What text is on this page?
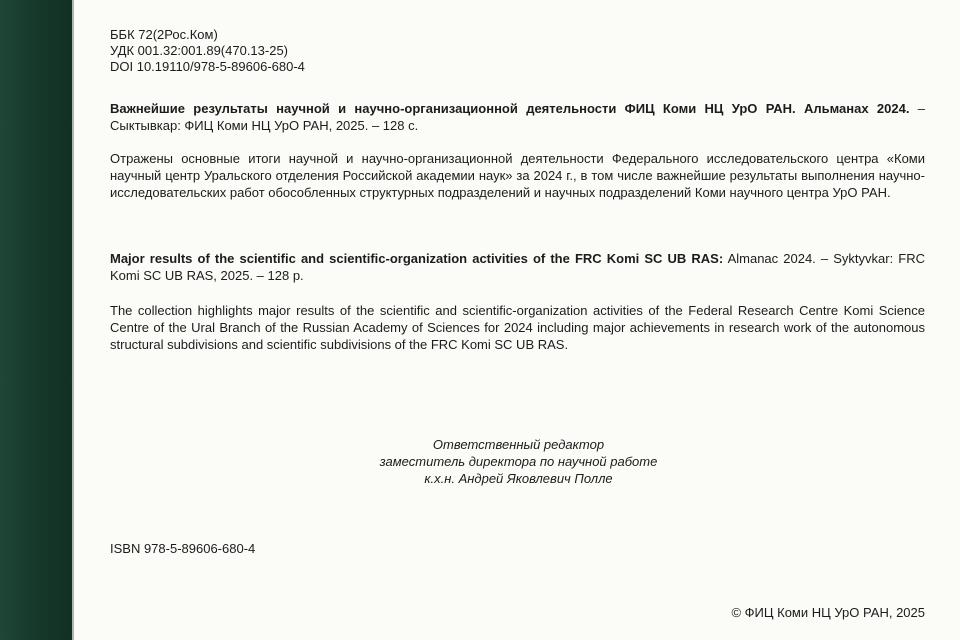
ББК 72(2Рос.Ком)
УДК 001.32:001.89(470.13-25)
DOI 10.19110/978-5-89606-680-4
Важнейшие результаты научной и научно-организационной деятельности ФИЦ Коми НЦ УрО РАН. Альманах 2024. – Сыктывкар: ФИЦ Коми НЦ УрО РАН, 2025. – 128 с.
Отражены основные итоги научной и научно-организационной деятельности Федерального исследовательского центра «Коми научный центр Уральского отделения Российской академии наук» за 2024 г., в том числе важнейшие результаты выполнения научно-исследовательских работ обособленных структурных подразделений и научных подразделений Коми научного центра УрО РАН.
Major results of the scientific and scientific-organization activities of the FRC Komi SC UB RAS: Almanac 2024. – Syktyvkar: FRC Komi SC UB RAS, 2025. – 128 p.
The collection highlights major results of the scientific and scientific-organization activities of the Federal Research Centre Komi Science Centre of the Ural Branch of the Russian Academy of Sciences for 2024 including major achievements in research work of the autonomous structural subdivisions and scientific subdivisions of the FRC Komi SC UB RAS.
Ответственный редактор
заместитель директора по научной работе
к.х.н. Андрей Яковлевич Полле
ISBN 978-5-89606-680-4
© ФИЦ Коми НЦ УрО РАН, 2025
